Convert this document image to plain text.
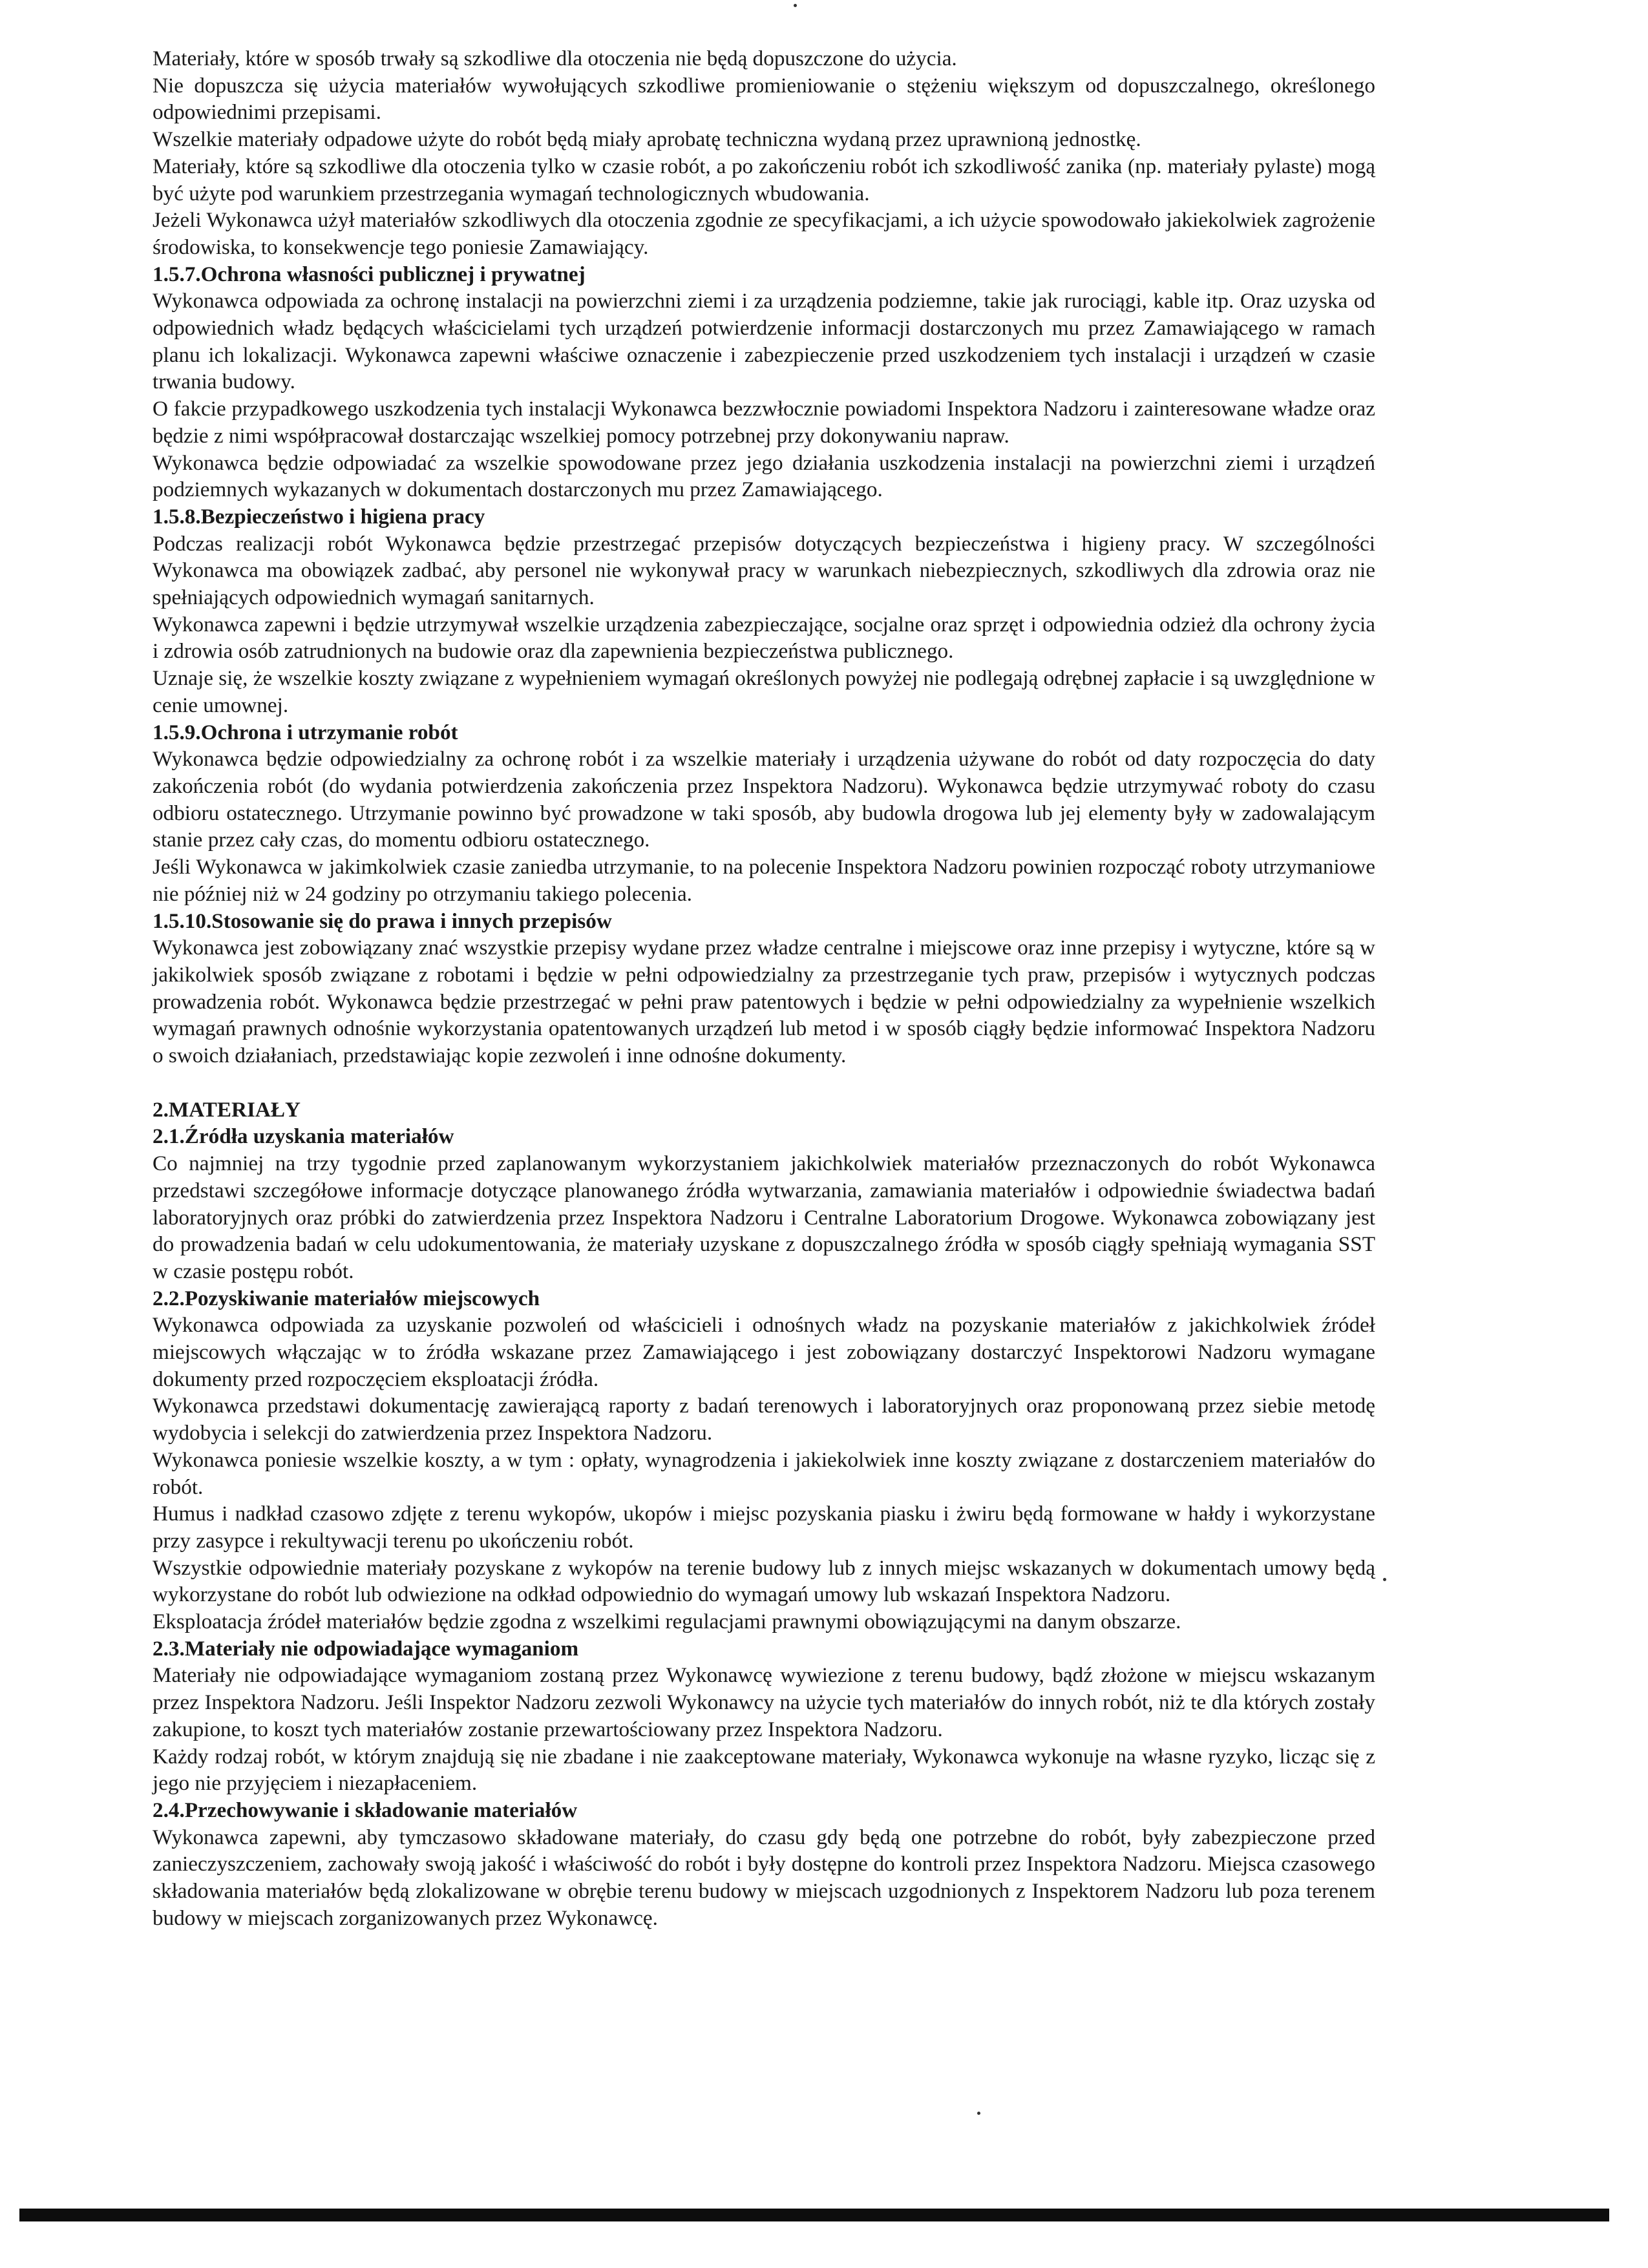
Materiały, które w sposób trwały są szkodliwe dla otoczenia nie będą dopuszczone do użycia.

Nie dopuszcza się użycia materiałów wywołujących szkodliwe promieniowanie o stężeniu większym od dopuszczalnego, określonego odpowiednimi przepisami.

Wszelkie materiały odpadowe użyte do robót będą miały aprobatę techniczna wydaną przez uprawnioną jednostkę.

Materiały, które są szkodliwe dla otoczenia tylko w czasie robót, a po zakończeniu robót ich szkodliwość zanika (np. materiały pylaste) mogą być użyte pod warunkiem przestrzegania wymagań technologicznych wbudowania.

Jeżeli Wykonawca użył materiałów szkodliwych dla otoczenia zgodnie ze specyfikacjami, a ich użycie spowodowało jakiekolwiek zagrożenie środowiska, to konsekwencje tego poniesie Zamawiający.

1.5.7.Ochrona własności publicznej i prywatnej

Wykonawca odpowiada za ochronę instalacji na powierzchni ziemi i za urządzenia podziemne, takie jak rurociągi, kable itp. Oraz uzyska od odpowiednich władz będących właścicielami tych urządzeń potwierdzenie informacji dostarczonych mu przez Zamawiającego w ramach planu ich lokalizacji. Wykonawca zapewni właściwe oznaczenie i zabezpieczenie przed uszkodzeniem tych instalacji i urządzeń w czasie trwania budowy.

O fakcie przypadkowego uszkodzenia tych instalacji Wykonawca bezzwłocznie powiadomi Inspektora Nadzoru i zainteresowane władze oraz będzie z nimi współpracował dostarczając wszelkiej pomocy potrzebnej przy dokonywaniu napraw.

Wykonawca będzie odpowiadać za wszelkie spowodowane przez jego działania uszkodzenia instalacji na powierzchni ziemi i urządzeń podziemnych wykazanych w dokumentach dostarczonych mu przez Zamawiającego.

1.5.8.Bezpieczeństwo i higiena pracy

Podczas realizacji robót Wykonawca będzie przestrzegać przepisów dotyczących bezpieczeństwa i higieny pracy. W szczególności Wykonawca ma obowiązek zadbać, aby personel nie wykonywał pracy w warunkach niebezpiecznych, szkodliwych dla zdrowia oraz nie spełniających odpowiednich wymagań sanitarnych.

Wykonawca zapewni i będzie utrzymywał wszelkie urządzenia zabezpieczające, socjalne oraz sprzęt i odpowiednia odzież dla ochrony życia i zdrowia osób zatrudnionych na budowie oraz dla zapewnienia bezpieczeństwa publicznego.

Uznaje się, że wszelkie koszty związane z wypełnieniem wymagań określonych powyżej nie podlegają odrębnej zapłacie i są uwzględnione w cenie umownej.

1.5.9.Ochrona i utrzymanie robót

Wykonawca będzie odpowiedzialny za ochronę robót i za wszelkie materiały i urządzenia używane do robót od daty rozpoczęcia do daty zakończenia robót (do wydania potwierdzenia zakończenia przez Inspektora Nadzoru). Wykonawca będzie utrzymywać roboty do czasu odbioru ostatecznego. Utrzymanie powinno być prowadzone w taki sposób, aby budowla drogowa lub jej elementy były w zadowalającym stanie przez cały czas, do momentu odbioru ostatecznego.

Jeśli Wykonawca w jakimkolwiek czasie zaniedba utrzymanie, to na polecenie Inspektora Nadzoru powinien rozpocząć roboty utrzymaniowe nie później niż w 24 godziny po otrzymaniu takiego polecenia.

1.5.10.Stosowanie się do prawa i innych przepisów

Wykonawca jest zobowiązany znać wszystkie przepisy wydane przez władze centralne i miejscowe oraz inne przepisy i wytyczne, które są w jakikolwiek sposób związane z robotami i będzie w pełni odpowiedzialny za przestrzeganie tych praw, przepisów i wytycznych podczas prowadzenia robót. Wykonawca będzie przestrzegać w pełni praw patentowych i będzie w pełni odpowiedzialny za wypełnienie wszelkich wymagań prawnych odnośnie wykorzystania opatentowanych urządzeń lub metod i w sposób ciągły będzie informować Inspektora Nadzoru o swoich działaniach, przedstawiając kopie zezwoleń i inne odnośne dokumenty.

2.MATERIAŁY

2.1.Źródła uzyskania materiałów

Co najmniej na trzy tygodnie przed zaplanowanym wykorzystaniem jakichkolwiek materiałów przeznaczonych do robót Wykonawca przedstawi szczegółowe informacje dotyczące planowanego źródła wytwarzania, zamawiania materiałów i odpowiednie świadectwa badań laboratoryjnych oraz próbki do zatwierdzenia przez Inspektora Nadzoru i Centralne Laboratorium Drogowe. Wykonawca zobowiązany jest do prowadzenia badań w celu udokumentowania, że materiały uzyskane z dopuszczalnego źródła w sposób ciągły spełniają wymagania SST w czasie postępu robót.

2.2.Pozyskiwanie materiałów miejscowych

Wykonawca odpowiada za uzyskanie pozwoleń od właścicieli i odnośnych władz na pozyskanie materiałów z jakichkolwiek źródeł miejscowych włączając w to źródła wskazane przez Zamawiającego i jest zobowiązany dostarczyć Inspektorowi Nadzoru wymagane dokumenty przed rozpoczęciem eksploatacji źródła.

Wykonawca przedstawi dokumentację zawierającą raporty z badań terenowych i laboratoryjnych oraz proponowaną przez siebie metodę wydobycia i selekcji do zatwierdzenia przez Inspektora Nadzoru.

Wykonawca poniesie wszelkie koszty, a w tym : opłaty, wynagrodzenia i jakiekolwiek inne koszty związane z dostarczeniem materiałów do robót.

Humus i nadkład czasowo zdjęte z terenu wykopów, ukopów i miejsc pozyskania piasku i żwiru będą formowane w hałdy i wykorzystane przy zasypce i rekultywacji terenu po ukończeniu robót.

Wszystkie odpowiednie materiały pozyskane z wykopów na terenie budowy lub z innych miejsc wskazanych w dokumentach umowy będą wykorzystane do robót lub odwiezione na odkład odpowiednio do wymagań umowy lub wskazań Inspektora Nadzoru.

Eksploatacja źródeł materiałów będzie zgodna z wszelkimi regulacjami prawnymi obowiązującymi na danym obszarze.

2.3.Materiały nie odpowiadające wymaganiom

Materiały nie odpowiadające wymaganiom zostaną przez Wykonawcę wywiezione z terenu budowy, bądź złożone w miejscu wskazanym przez Inspektora Nadzoru. Jeśli Inspektor Nadzoru zezwoli Wykonawcy na użycie tych materiałów do innych robót, niż te dla których zostały zakupione, to koszt tych materiałów zostanie przewartościowany przez Inspektora Nadzoru.

Każdy rodzaj robót, w którym znajdują się nie zbadane i nie zaakceptowane materiały, Wykonawca wykonuje na własne ryzyko, licząc się z jego nie przyjęciem i niezapłaceniem.

2.4.Przechowywanie i składowanie materiałów

Wykonawca zapewni, aby tymczasowo składowane materiały, do czasu gdy będą one potrzebne do robót, były zabezpieczone przed zanieczyszczeniem, zachowały swoją jakość i właściwość do robót i były dostępne do kontroli przez Inspektora Nadzoru. Miejsca czasowego składowania materiałów będą zlokalizowane w obrębie terenu budowy w miejscach uzgodnionych z Inspektorem Nadzoru lub poza terenem budowy w miejscach zorganizowanych przez Wykonawcę.
